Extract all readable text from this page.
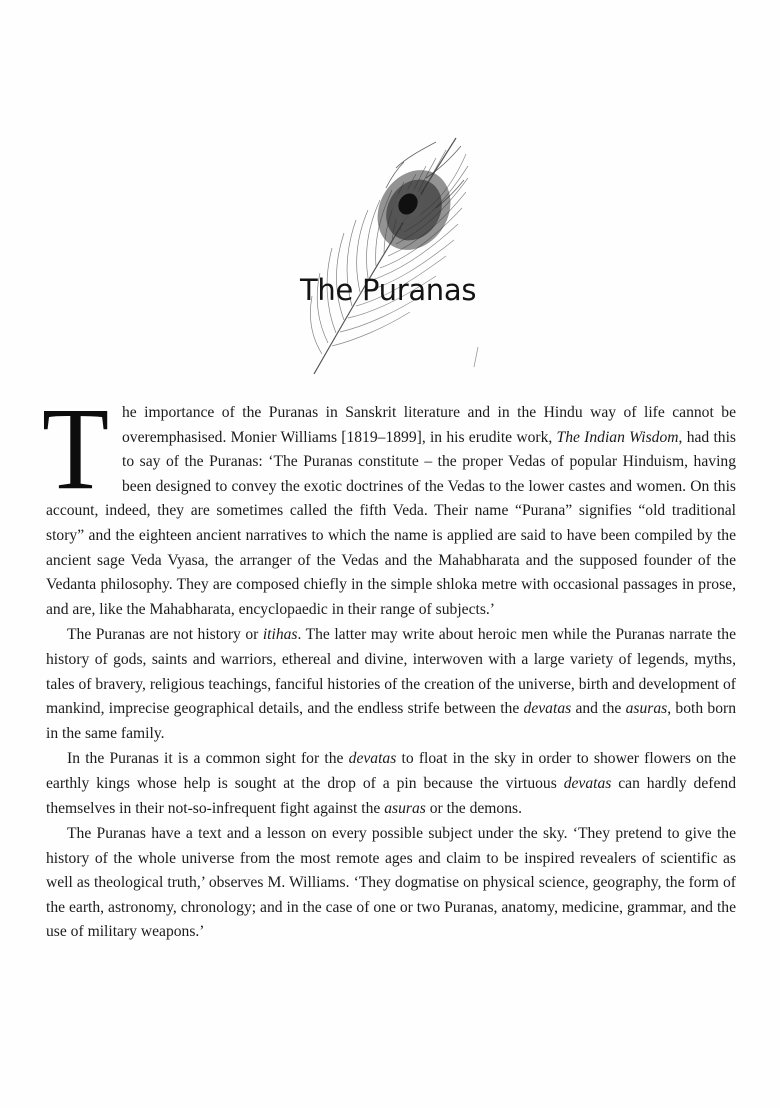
The Puranas

The importance of the Puranas in Sanskrit literature and in the Hindu way of life cannot be overemphasised. Monier Williams [1819–1899], in his erudite work, The Indian Wisdom, had this to say of the Puranas: ‘The Puranas constitute – the proper Vedas of popular Hinduism, having been designed to convey the exotic doctrines of the Vedas to the lower castes and women. On this account, indeed, they are sometimes called the fifth Veda. Their name “Purana” signifies “old traditional story” and the eighteen ancient narratives to which the name is applied are said to have been compiled by the ancient sage Veda Vyasa, the arranger of the Vedas and the Mahabharata and the supposed founder of the Vedanta philosophy. They are composed chiefly in the simple shloka metre with occasional passages in prose, and are, like the Mahabharata, encyclopaedic in their range of subjects.’

The Puranas are not history or itihas. The latter may write about heroic men while the Puranas narrate the history of gods, saints and warriors, ethereal and divine, interwoven with a large variety of legends, myths, tales of bravery, religious teachings, fanciful histories of the creation of the universe, birth and development of mankind, imprecise geographical details, and the endless strife between the devatas and the asuras, both born in the same family.

In the Puranas it is a common sight for the devatas to float in the sky in order to shower flowers on the earthly kings whose help is sought at the drop of a pin because the virtuous devatas can hardly defend themselves in their not-so-infrequent fight against the asuras or the demons.

The Puranas have a text and a lesson on every possible subject under the sky. ‘They pretend to give the history of the whole universe from the most remote ages and claim to be inspired revealers of scientific as well as theological truth,’ observes M. Williams. ‘They dogmatise on physical science, geography, the form of the earth, astronomy, chronology; and in the case of one or two Puranas, anatomy, medicine, grammar, and the use of military weapons.’
